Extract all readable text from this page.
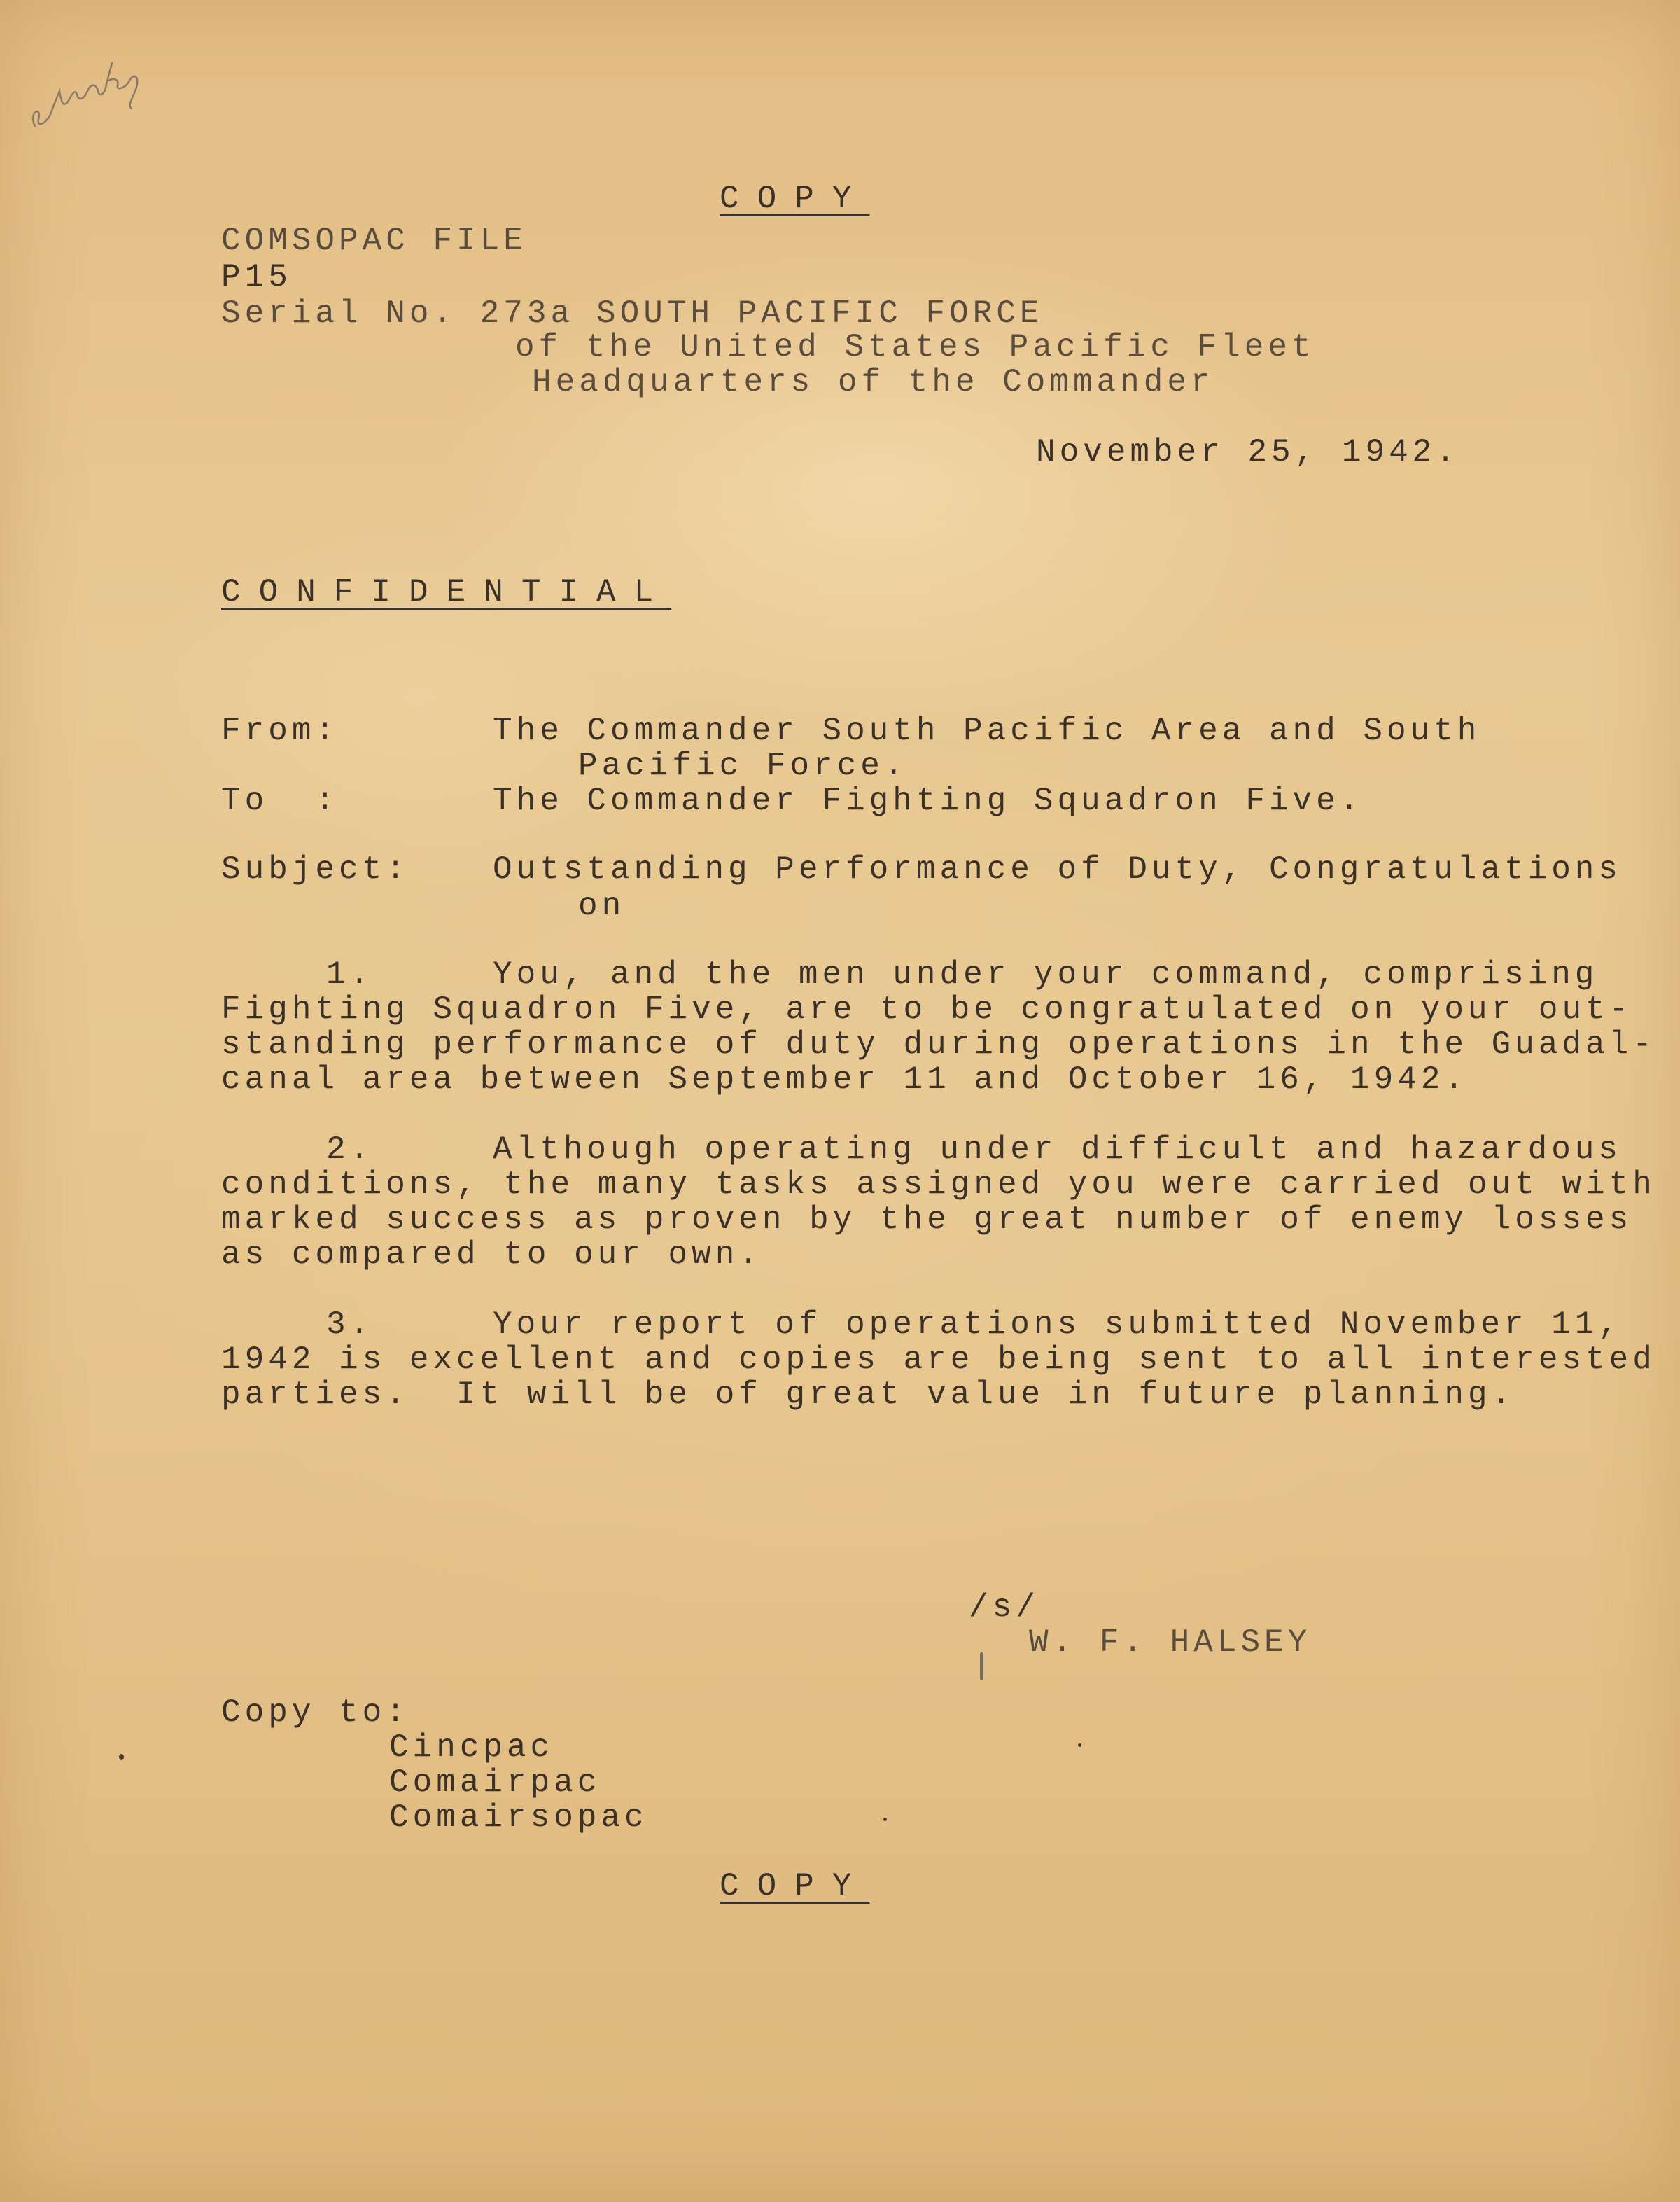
COPY
COMSOPAC FILE
P15
Serial No. 273a SOUTH PACIFIC FORCE
of the United States Pacific Fleet
Headquarters of the Commander
November 25, 1942.
CONFIDENTIAL
From:	The Commander South Pacific Area and South
Pacific Force.
To  :	The Commander Fighting Squadron Five.
Subject:	Outstanding Performance of Duty, Congratulations
on
1.	You, and the men under your command, comprising
Fighting Squadron Five, are to be congratulated on your out-
standing performance of duty during operations in the Guadal-
canal area between September 11 and October 16, 1942.
2.	Although operating under difficult and hazardous
conditions, the many tasks assigned you were carried out with
marked success as proven by the great number of enemy losses
as compared to our own.
3.	Your report of operations submitted November 11,
1942 is excellent and copies are being sent to all interested
parties.  It will be of great value in future planning.
/s/
W. F. HALSEY
Copy to:
Cincpac
Comairpac
Comairsopac
COPY
